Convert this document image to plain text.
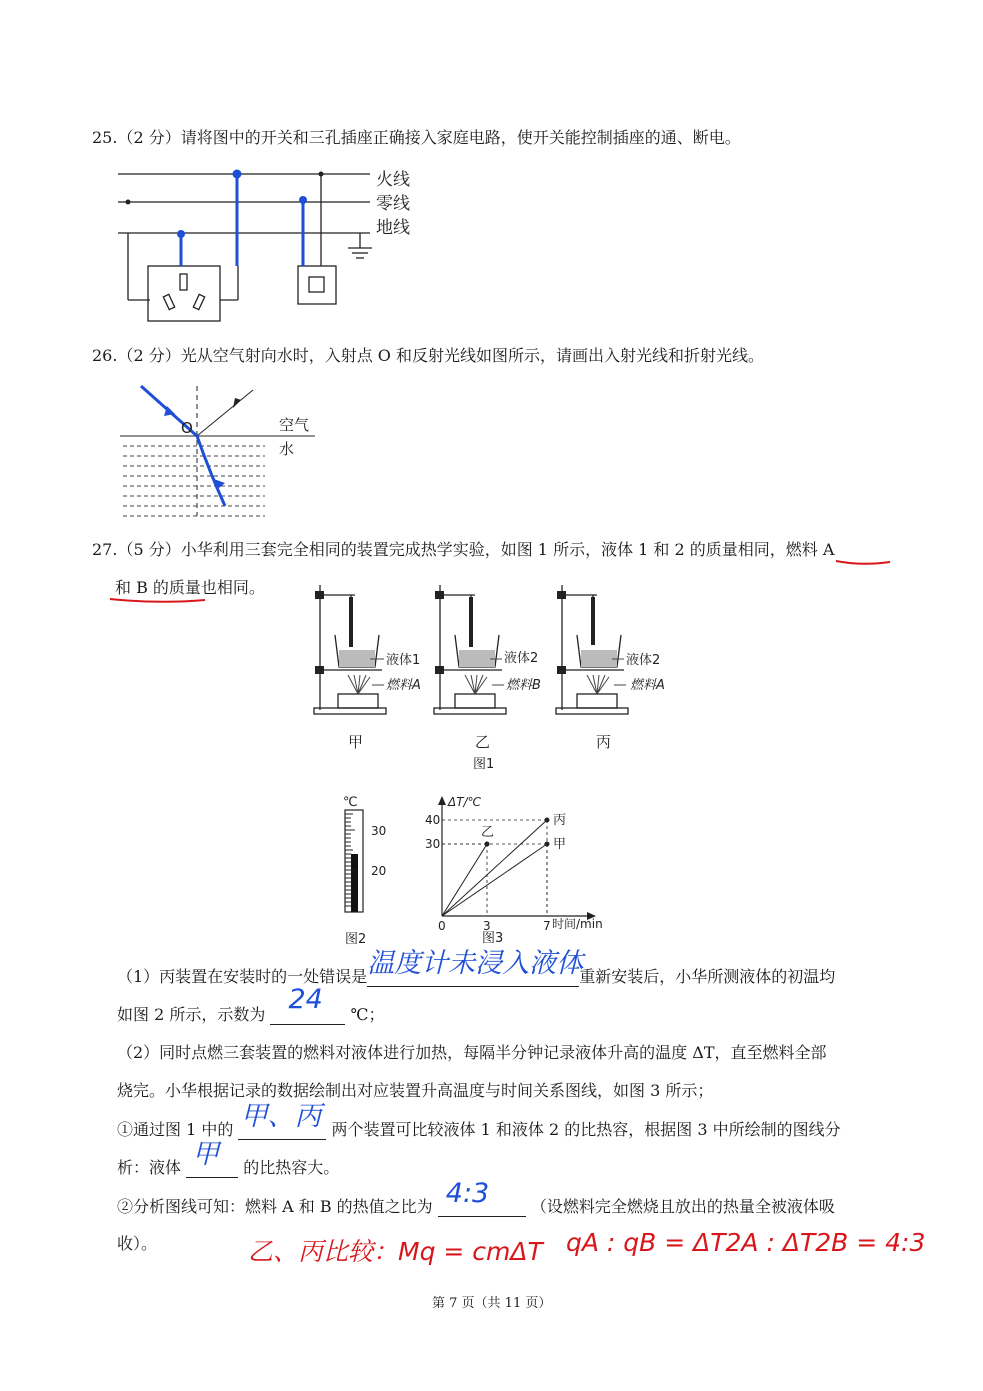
25.（2 分）请将图中的开关和三孔插座正确接入家庭电路，使开关能控制插座的通、断电。
火线
零线
地线
26.（2 分）光从空气射向水时，入射点 O 和反射光线如图所示，请画出入射光线和折射光线。
O	空气
水
27.（5 分）小华利用三套完全相同的装置完成热学实验，如图 1 所示，液体 1 和 2 的质量相同，燃料 A
和 B 的质量也相同。
液体1
燃料A
液体2
燃料B
液体2
燃料A
甲	乙	丙
图1
℃
30
20
图2
ΔT/℃
时间/min
图3
甲
乙
丙
0	3	7
30
40
（1）丙装置在安装时的一处错误是 温度计未浸入液体
重新安装后，小华所测液体的初温均
如图 2 所示，示数为 24 ℃；
（2）同时点燃三套装置的燃料对液体进行加热，每隔半分钟记录液体升高的温度 ΔT，直至燃料全部
烧完。小华根据记录的数据绘制出对应装置升高温度与时间关系图线，如图 3 所示；
①通过图 1 中的 甲、丙 两个装置可比较液体 1 和液体 2 的比热容，根据图 3 中所绘制的图线分
析：液体 甲 的比热容大。
②分析图线可知：燃料 A 和 B 的热值之比为 4:3	（设燃料完全燃烧且放出的热量全被液体吸
收）。	乙、丙比较：Mq = cmΔT qA : qB = ΔT2A : ΔT2B = 4:3
第 7 页（共 11 页）
